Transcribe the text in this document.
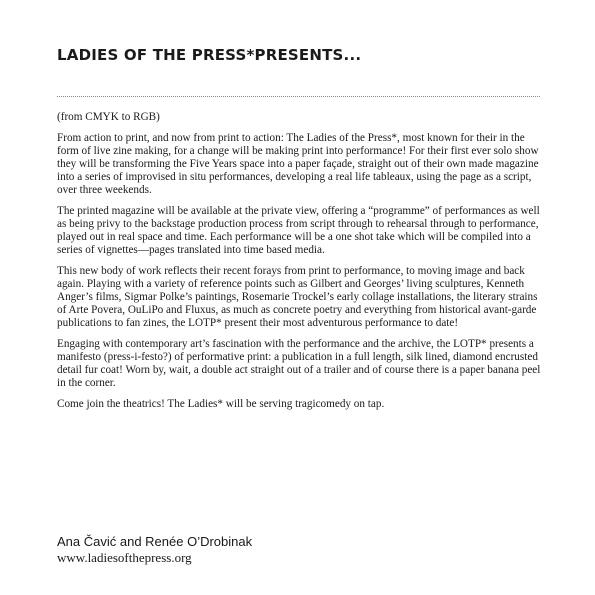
LADIES OF THE PRESS*PRESENTS...

(from CMYK to RGB)

From action to print, and now from print to action: The Ladies of the Press*, most known for their in the form of live zine making, for a change will be making print into performance! For their first ever solo show they will be transforming the Five Years space into a paper façade, straight out of their own made magazine into a series of improvised in situ performances, developing a real life tableaux, using the page as a script, over three weekends.

The printed magazine will be available at the private view, offering a “programme” of performances as well as being privy to the backstage production process from script through to rehearsal through to performance, played out in real space and time. Each performance will be a one shot take which will be compiled into a series of vignettes—pages translated into time based media.

This new body of work reflects their recent forays from print to performance, to moving image and back again. Playing with a variety of reference points such as Gilbert and Georges’ living sculptures, Kenneth Anger’s films, Sigmar Polke’s paintings, Rosemarie Trockel’s early collage installations, the literary strains of Arte Povera, OuLiPo and Fluxus, as much as concrete poetry and everything from historical avant-garde publications to fan zines, the LOTP* present their most adventurous performance to date!

Engaging with contemporary art’s fascination with the performance and the archive, the LOTP* presents a manifesto (press-i-festo?) of performative print: a publication in a full length, silk lined, diamond encrusted detail fur coat! Worn by, wait, a double act straight out of a trailer and of course there is a paper banana peel in the corner.

Come join the theatrics! The Ladies* will be serving tragicomedy on tap.

Ana Čavić and Renée O’Drobinak
www.ladiesofthepress.org
